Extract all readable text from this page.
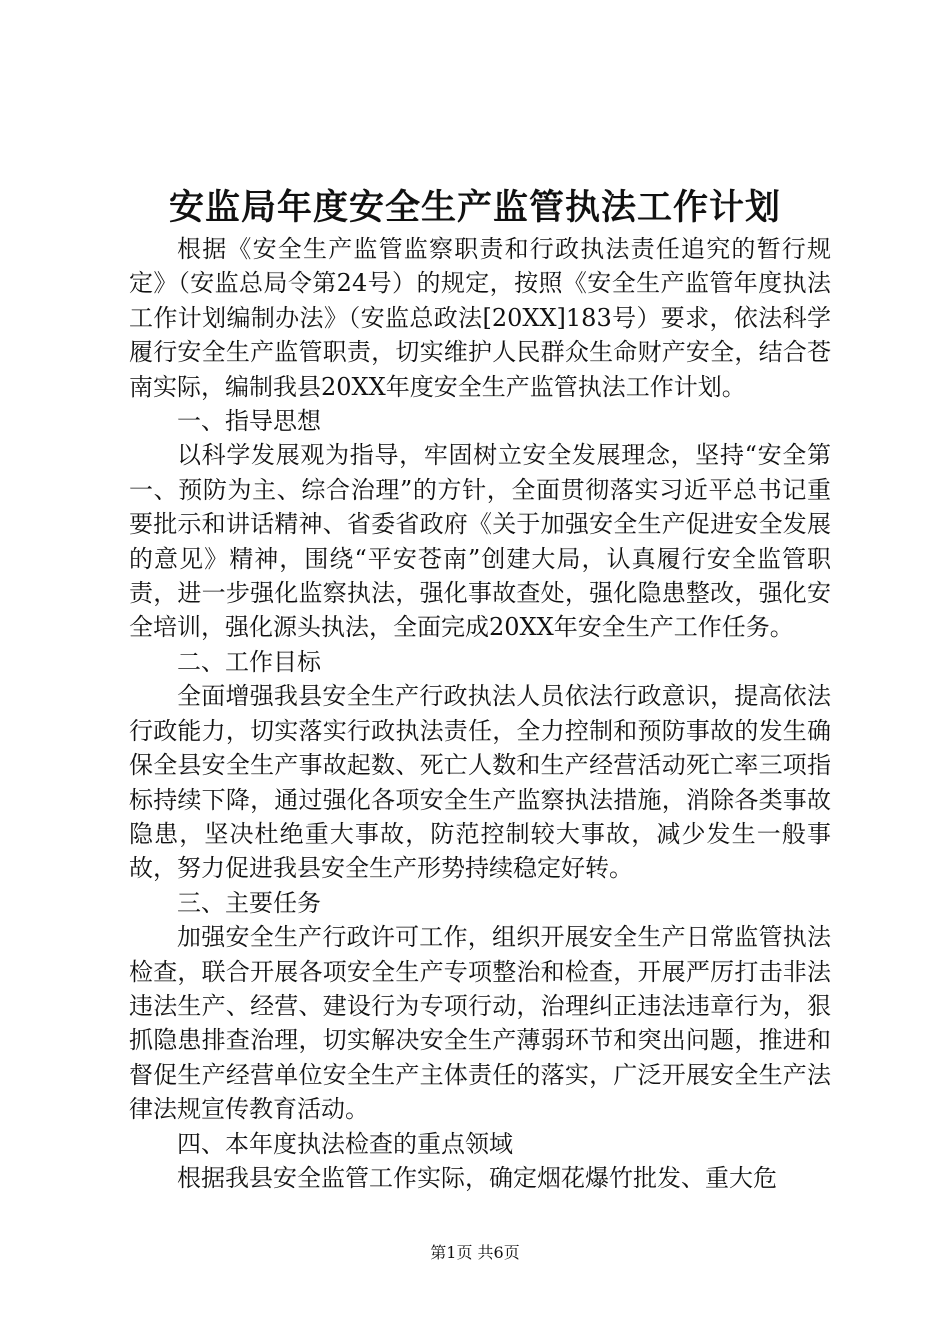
安监局年度安全生产监管执法工作计划

根据《安全生产监管监察职责和行政执法责任追究的暂行规定》（安监总局令第24号）的规定，按照《安全生产监管年度执法工作计划编制办法》（安监总政法[20XX]183号）要求，依法科学履行安全生产监管职责，切实维护人民群众生命财产安全，结合苍南实际，编制我县20XX年度安全生产监管执法工作计划。

一、指导思想

以科学发展观为指导，牢固树立安全发展理念，坚持“安全第一、预防为主、综合治理”的方针，全面贯彻落实习近平总书记重要批示和讲话精神、省委省政府《关于加强安全生产促进安全发展的意见》精神，围绕“平安苍南”创建大局，认真履行安全监管职责，进一步强化监察执法，强化事故查处，强化隐患整改，强化安全培训，强化源头执法，全面完成20XX年安全生产工作任务。

二、工作目标

全面增强我县安全生产行政执法人员依法行政意识，提高依法行政能力，切实落实行政执法责任，全力控制和预防事故的发生确保全县安全生产事故起数、死亡人数和生产经营活动死亡率三项指标持续下降，通过强化各项安全生产监察执法措施，消除各类事故隐患，坚决杜绝重大事故，防范控制较大事故，减少发生一般事故，努力促进我县安全生产形势持续稳定好转。

三、主要任务

加强安全生产行政许可工作，组织开展安全生产日常监管执法检查，联合开展各项安全生产专项整治和检查，开展严厉打击非法违法生产、经营、建设行为专项行动，治理纠正违法违章行为，狠抓隐患排查治理，切实解决安全生产薄弱环节和突出问题，推进和督促生产经营单位安全生产主体责任的落实，广泛开展安全生产法律法规宣传教育活动。

四、本年度执法检查的重点领域

根据我县安全监管工作实际，确定烟花爆竹批发、重大危

第1页 共6页
